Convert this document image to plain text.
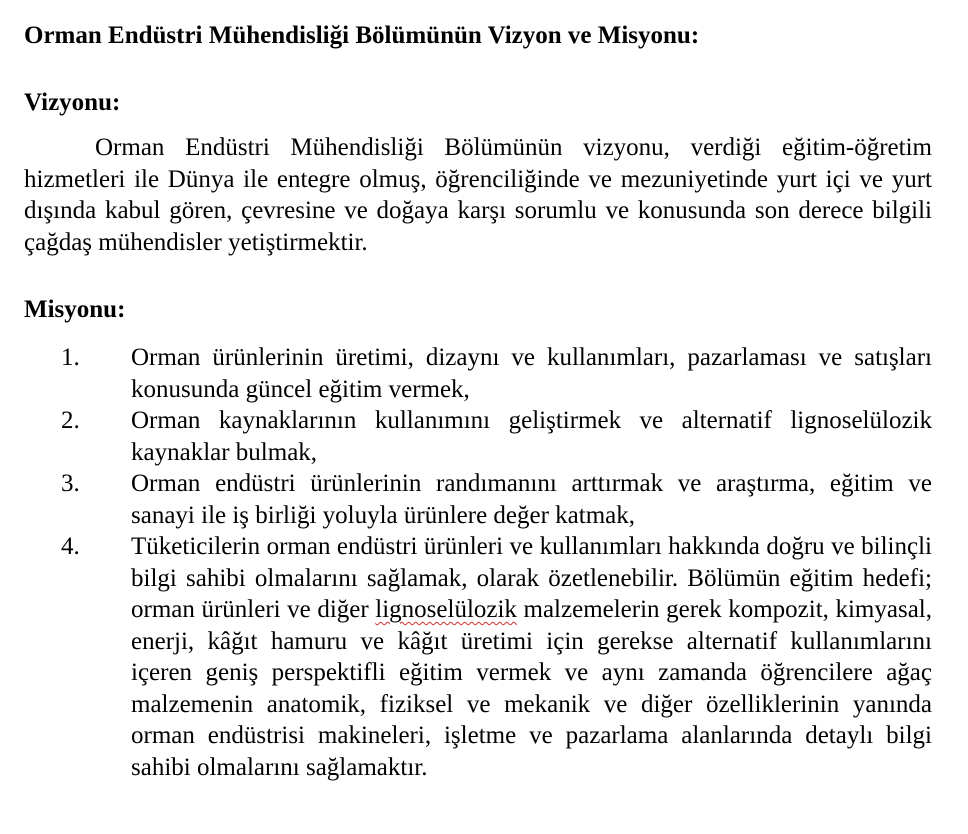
Orman Endüstri Mühendisliği Bölümünün Vizyon ve Misyonu:
Vizyonu:

Orman Endüstri Mühendisliği Bölümünün vizyonu, verdiği eğitim-öğretim hizmetleri ile Dünya ile entegre olmuş, öğrenciliğinde ve mezuniyetinde yurt içi ve yurt dışında kabul gören, çevresine ve doğaya karşı sorumlu ve konusunda son derece bilgili çağdaş mühendisler yetiştirmektir.

Misyonu:
1.	Orman ürünlerinin üretimi, dizaynı ve kullanımları, pazarlaması ve satışları konusunda güncel eğitim vermek,
2.	Orman kaynaklarının kullanımını geliştirmek ve alternatif lignoselülozik kaynaklar bulmak,
3.	Orman endüstri ürünlerinin randımanını arttırmak ve araştırma, eğitim ve sanayi ile iş birliği yoluyla ürünlere değer katmak,
4.	Tüketicilerin orman endüstri ürünleri ve kullanımları hakkında doğru ve bilinçli bilgi sahibi olmalarını sağlamak, olarak özetlenebilir. Bölümün eğitim hedefi; orman ürünleri ve diğer lignoselülozik malzemelerin gerek kompozit, kimyasal, enerji, kâğıt hamuru ve kâğıt üretimi için gerekse alternatif kullanımlarını içeren geniş perspektifli eğitim vermek ve aynı zamanda öğrencilere ağaç malzemenin anatomik, fiziksel ve mekanik ve diğer özelliklerinin yanında orman endüstrisi makineleri, işletme ve pazarlama alanlarında detaylı bilgi sahibi olmalarını sağlamaktır.
